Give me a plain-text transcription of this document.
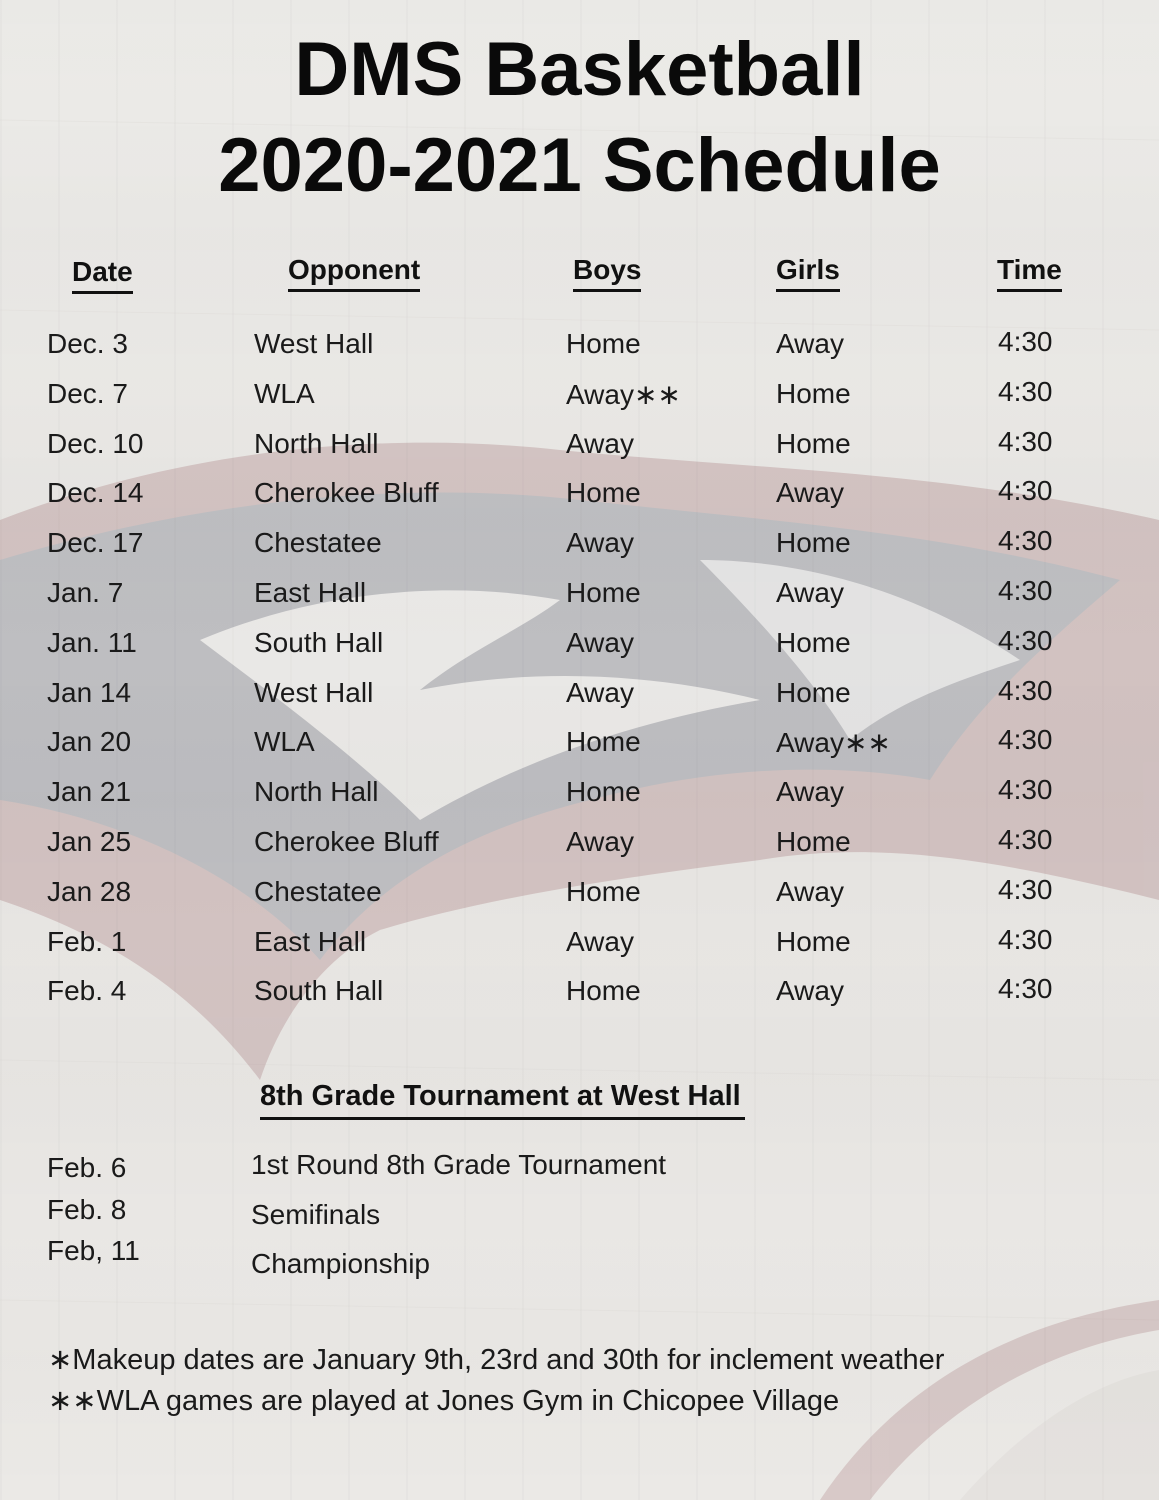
DMS Basketball
2020-2021 Schedule
Date	Opponent	Boys	Girls	Time
Dec. 3	West Hall	Home	Away	4:30
Dec. 7	WLA	Away∗∗	Home	4:30
Dec. 10	North Hall	Away	Home	4:30
Dec. 14	Cherokee Bluff	Home	Away	4:30
Dec. 17	Chestatee	Away	Home	4:30
Jan. 7	East Hall	Home	Away	4:30
Jan. 11	South Hall	Away	Home	4:30
Jan 14	West Hall	Away	Home	4:30
Jan 20	WLA	Home	Away∗∗	4:30
Jan 21	North Hall	Home	Away	4:30
Jan 25	Cherokee Bluff	Away	Home	4:30
Jan 28	Chestatee	Home	Away	4:30
Feb. 1	East Hall	Away	Home	4:30
Feb. 4	South Hall	Home	Away	4:30
8th Grade Tournament at West Hall
Feb. 6	1st Round 8th Grade Tournament
Feb. 8	Semifinals
Feb, 11	Championship
∗Makeup dates are January 9th, 23rd and 30th for inclement weather
∗∗WLA games are played at Jones Gym in Chicopee Village
